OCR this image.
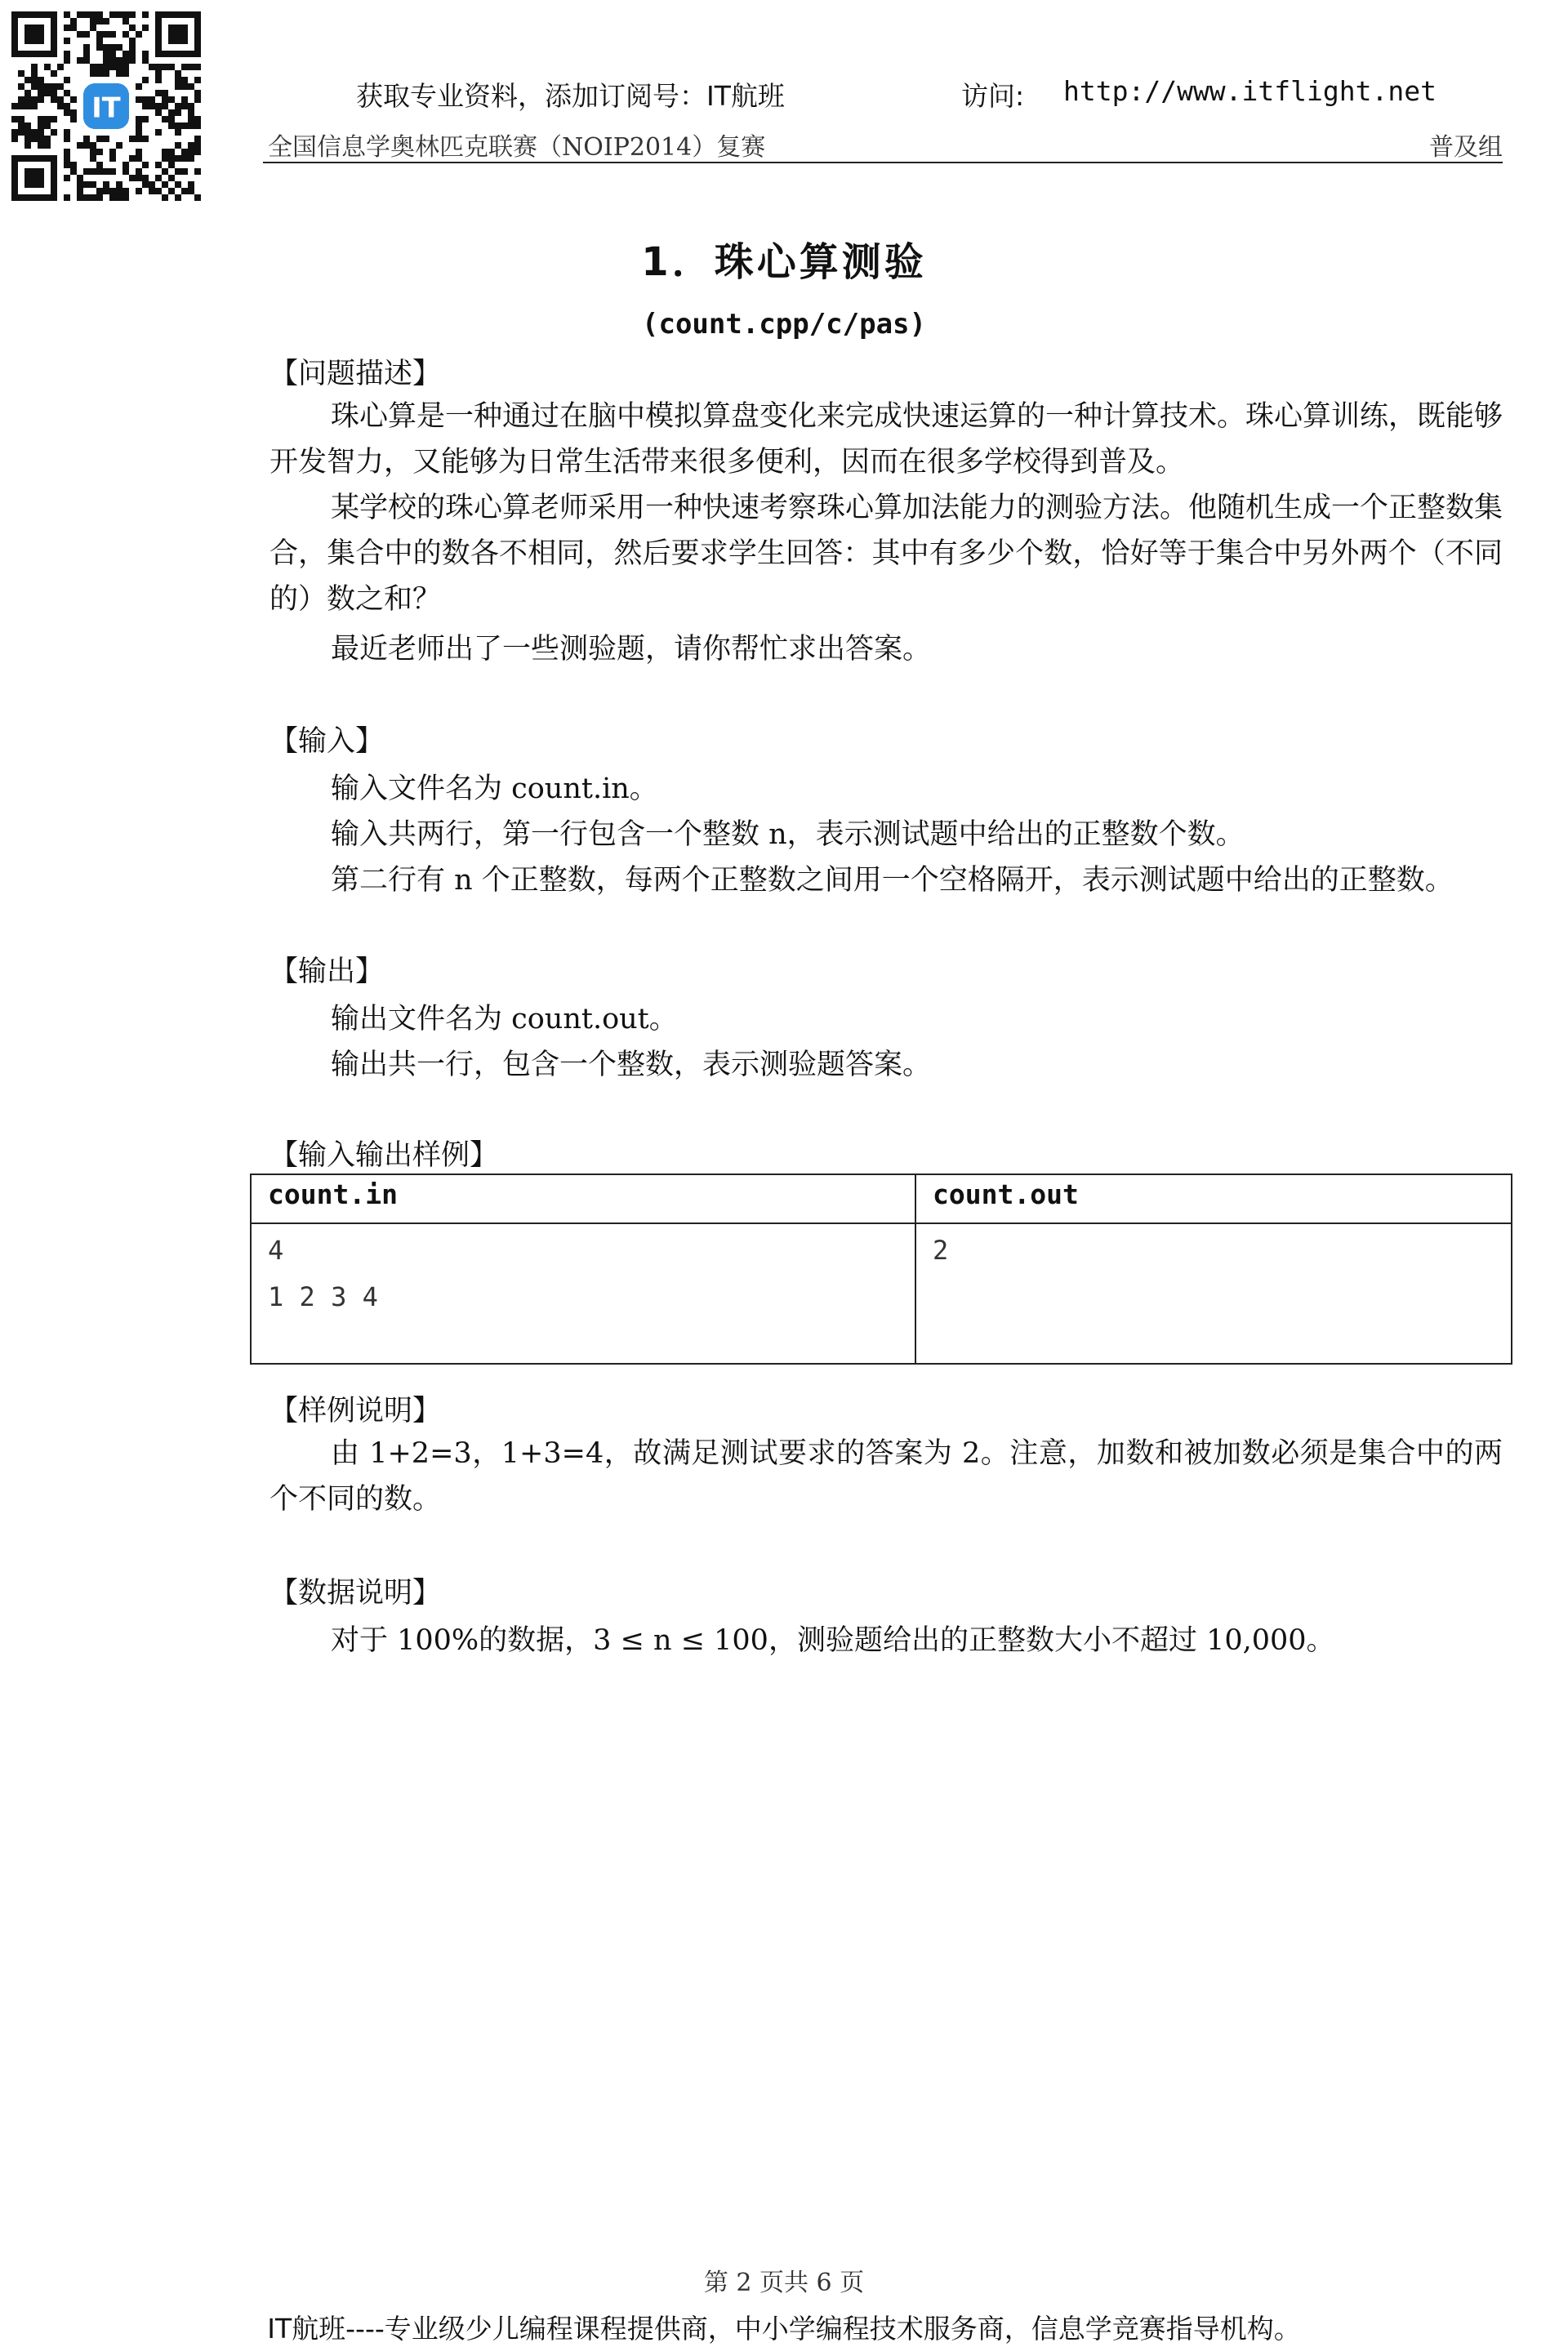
IT	获取专业资料，添加订阅号：IT航班	访问: http://www.itflight.net
全国信息学奥林匹克联赛（NOIP2014）复赛	普及组
1．珠心算测验
(count.cpp/c/pas)
【问题描述】
珠心算是一种通过在脑中模拟算盘变化来完成快速运算的一种计算技术。珠心算训练，既能够开发智力，又能够为日常生活带来很多便利，因而在很多学校得到普及。
某学校的珠心算老师采用一种快速考察珠心算加法能力的测验方法。他随机生成一个正整数集合，集合中的数各不相同，然后要求学生回答：其中有多少个数，恰好等于集合中另外两个（不同的）数之和？
最近老师出了一些测验题，请你帮忙求出答案。
【输入】
输入文件名为 count.in。
输入共两行，第一行包含一个整数 n，表示测试题中给出的正整数个数。
第二行有 n 个正整数，每两个正整数之间用一个空格隔开，表示测试题中给出的正整数。
【输出】
输出文件名为 count.out。
输出共一行，包含一个整数，表示测验题答案。
【输入输出样例】
count.in	count.out

4
1 2 3 4	2
【样例说明】
由 1+2=3，1+3=4，故满足测试要求的答案为 2。注意，加数和被加数必须是集合中的两个不同的数。
【数据说明】
对于 100%的数据，3 ≤ n ≤ 100，测验题给出的正整数大小不超过 10,000。
第 2 页共 6 页
IT航班----专业级少儿编程课程提供商，中小学编程技术服务商，信息学竞赛指导机构。
